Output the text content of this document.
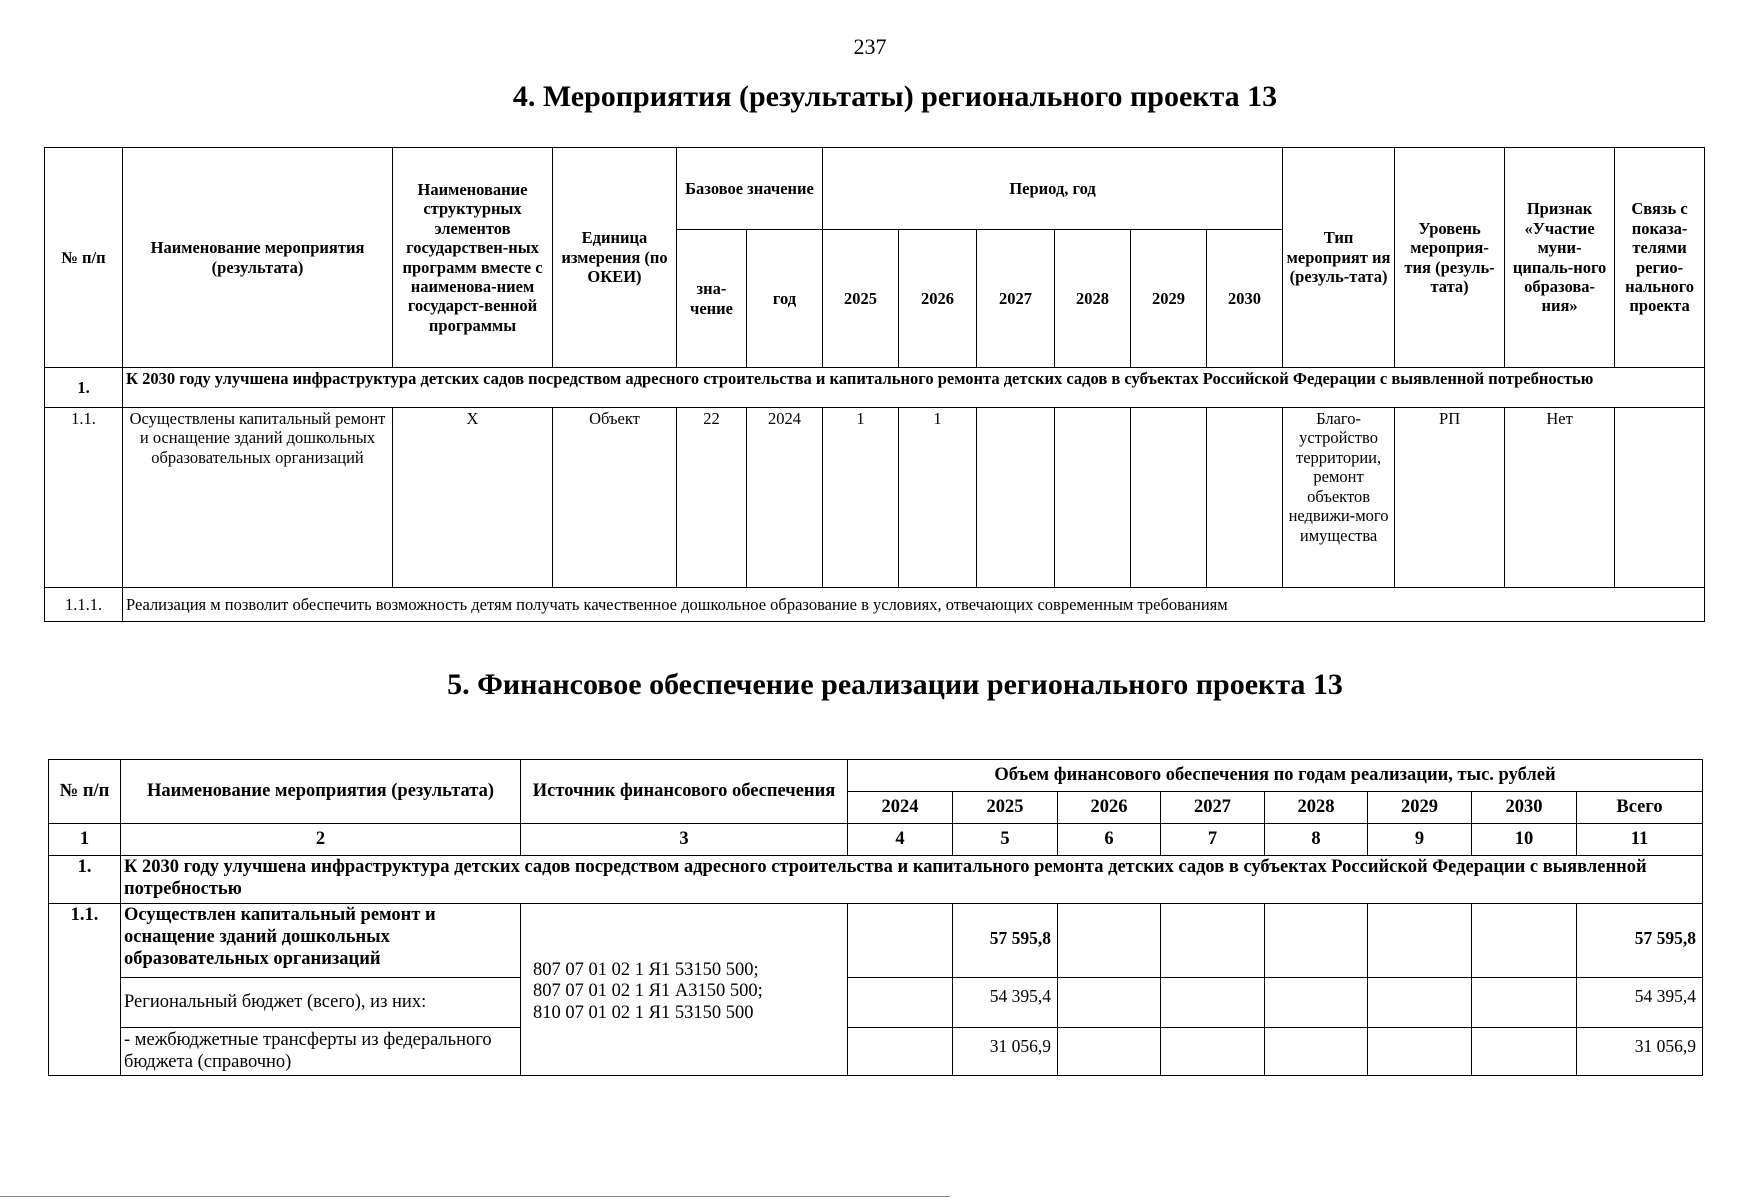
237
4. Мероприятия (результаты) регионального проекта 13
№ п/п	Наименование мероприятия (результата)	Наименование структурных элементов государствен-ных программ вместе с наименова-нием государст-венной программы	Единица измерения (по ОКЕИ)	Базовое значение		Период, год						Тип мероприят ия (резуль-тата)	Уровень мероприя-тия (резуль-тата)	Признак «Участие муни-ципаль-ного образова-ния»	Связь с показа-телями регио-нального проекта
				зна-чение	год	2025	2026	2027	2028	2029	2030				
1.	К 2030 году улучшена инфраструктура детских садов посредством адресного строительства и капитального ремонта детских садов в субъектах Российской Федерации с выявленной потребностью														
1.1.	Осуществлены капитальный ремонт и оснащение зданий дошкольных образовательных организаций	X	Объект	22	2024	1	1					Благо-устройство территории, ремонт объектов недвижи-мого имущества	РП	Нет	
1.1.1.	Реализация м позволит обеспечить возможность детям получать качественное дошкольное образование в условиях, отвечающих современным требованиям														
5. Финансовое обеспечение реализации регионального проекта 13
№ п/п	Наименование мероприятия (результата)	Источник финансового обеспечения	Объем финансового обеспечения по годам реализации, тыс. рублей							
			2024	2025	2026	2027	2028	2029	2030	Всего
1	2	3	4	5	6	7	8	9	10	11
1.	К 2030 году улучшена инфраструктура детских садов посредством адресного строительства и капитального ремонта детских садов в субъектах Российской Федерации с выявленной потребностью									
1.1.	Осуществлен капитальный ремонт и оснащение зданий дошкольных образовательных организаций	807 07 01 02 1 Я1 53150 500;
807 07 01 02 1 Я1 А3150 500;
810 07 01 02 1 Я1 53150 500		57 595,8						57 595,8
	Региональный бюджет (всего), из них:			54 395,4						54 395,4
	- межбюджетные трансферты из федерального бюджета (справочно)			31 056,9						31 056,9
